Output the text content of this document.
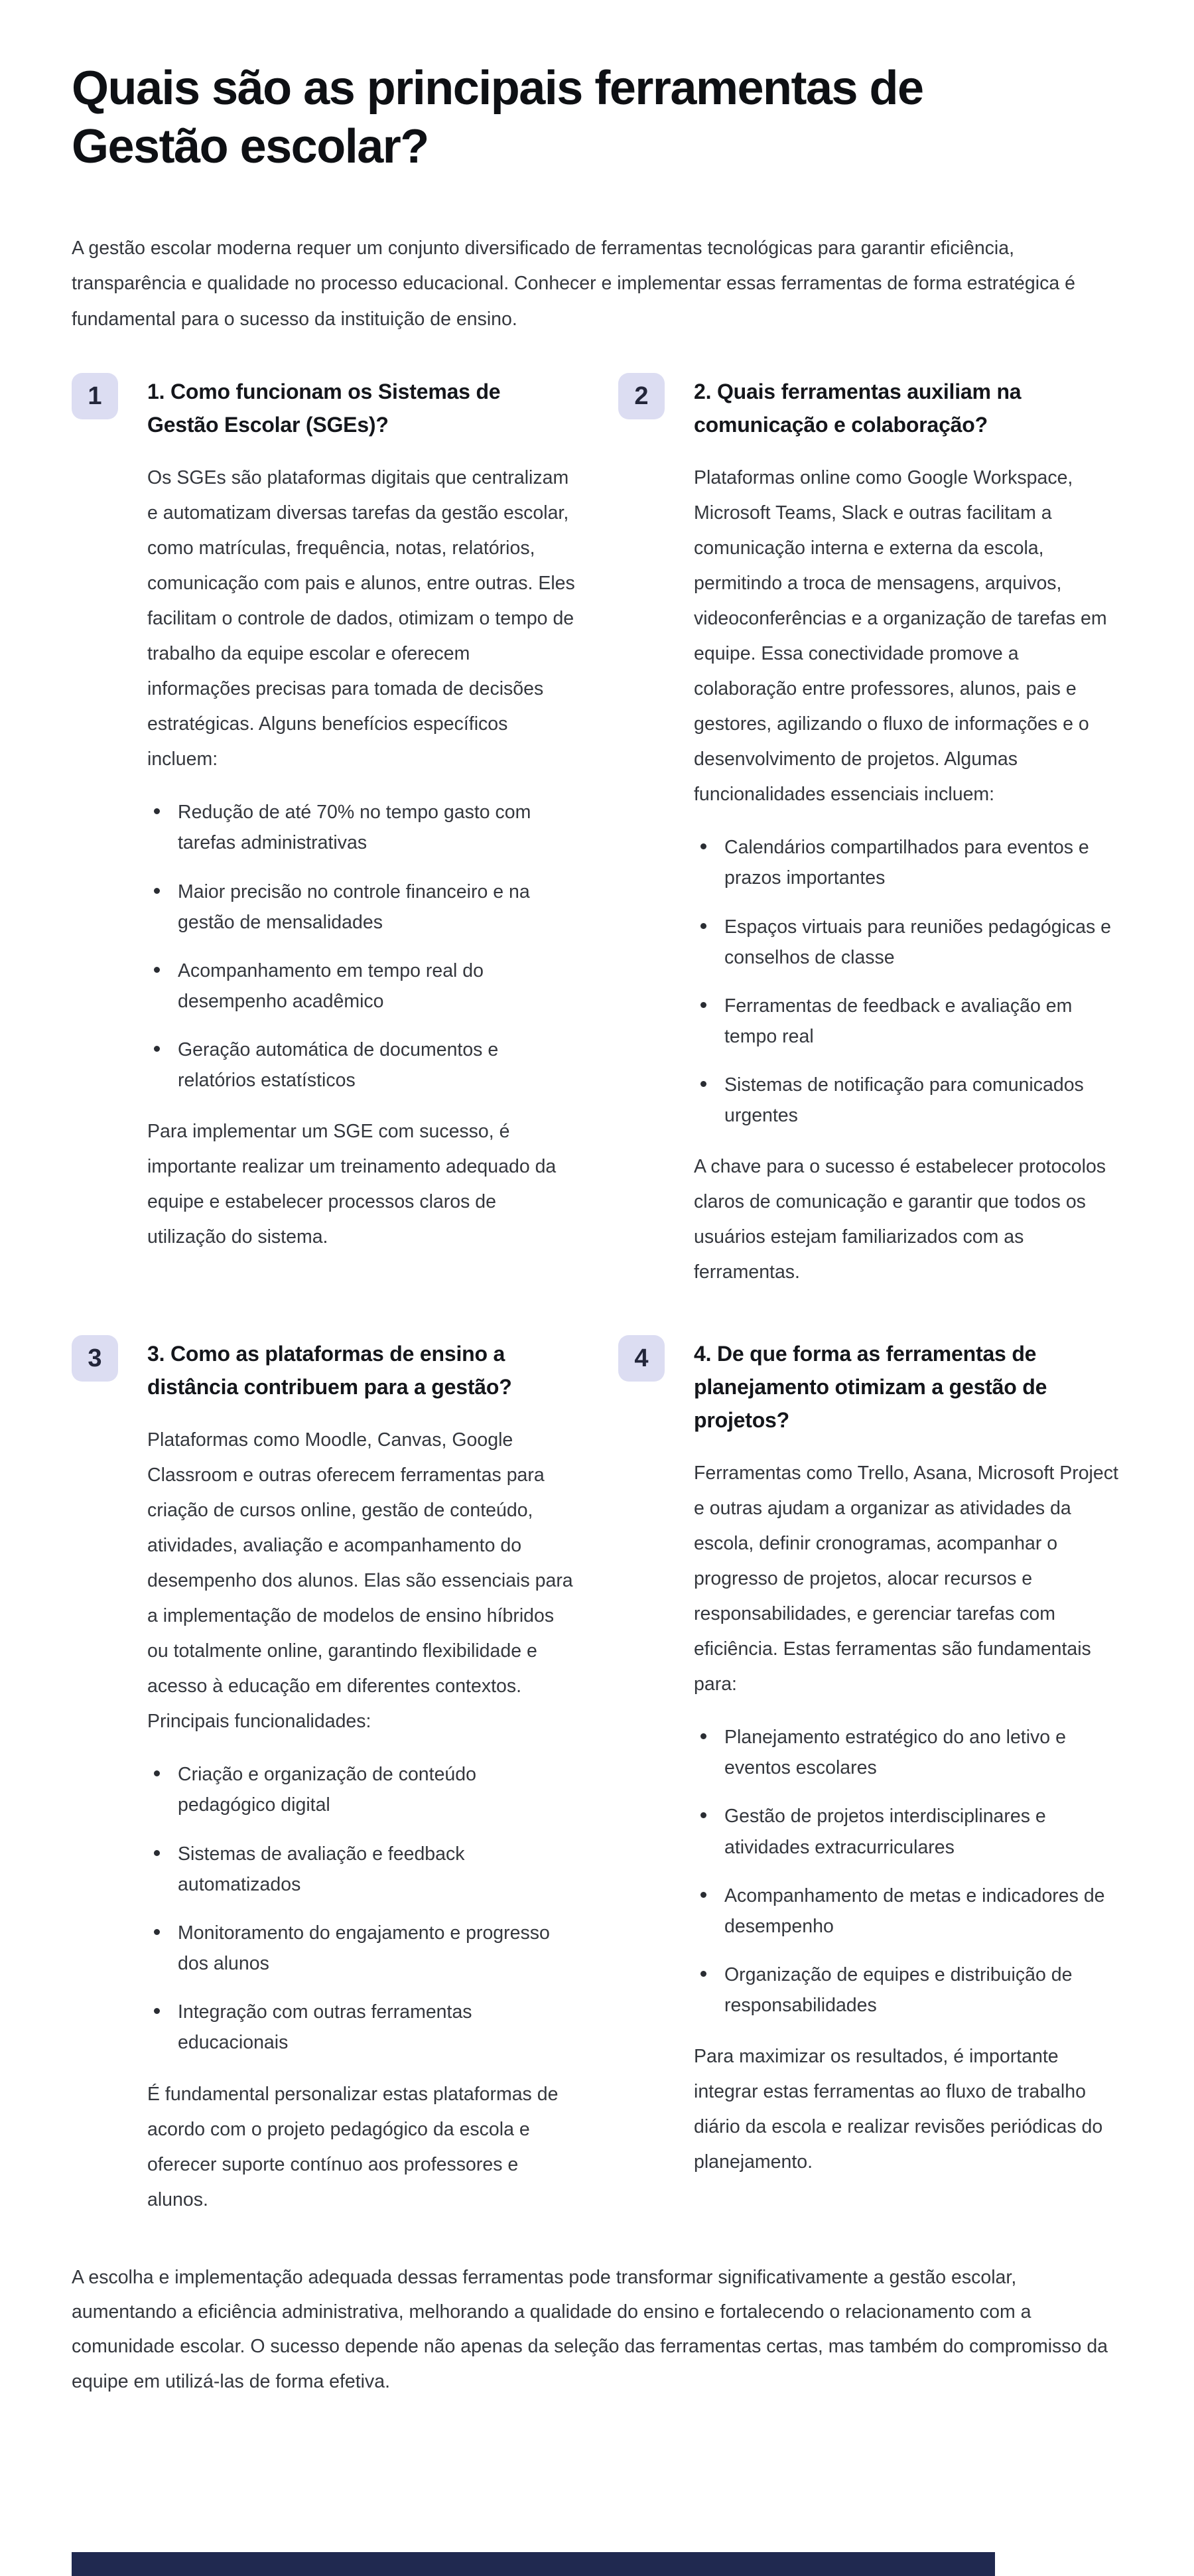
Quais são as principais ferramentas de Gestão escolar?

A gestão escolar moderna requer um conjunto diversificado de ferramentas tecnológicas para garantir eficiência, transparência e qualidade no processo educacional. Conhecer e implementar essas ferramentas de forma estratégica é fundamental para o sucesso da instituição de ensino.

1	1. Como funcionam os Sistemas de Gestão Escolar (SGEs)?

Os SGEs são plataformas digitais que centralizam e automatizam diversas tarefas da gestão escolar, como matrículas, frequência, notas, relatórios, comunicação com pais e alunos, entre outras. Eles facilitam o controle de dados, otimizam o tempo de trabalho da equipe escolar e oferecem informações precisas para tomada de decisões estratégicas. Alguns benefícios específicos incluem:

Redução de até 70% no tempo gasto com tarefas administrativas
Maior precisão no controle financeiro e na gestão de mensalidades
Acompanhamento em tempo real do desempenho acadêmico
Geração automática de documentos e relatórios estatísticos

Para implementar um SGE com sucesso, é importante realizar um treinamento adequado da equipe e estabelecer processos claros de utilização do sistema.

2	2. Quais ferramentas auxiliam na comunicação e colaboração?

Plataformas online como Google Workspace, Microsoft Teams, Slack e outras facilitam a comunicação interna e externa da escola, permitindo a troca de mensagens, arquivos, videoconferências e a organização de tarefas em equipe. Essa conectividade promove a colaboração entre professores, alunos, pais e gestores, agilizando o fluxo de informações e o desenvolvimento de projetos. Algumas funcionalidades essenciais incluem:

Calendários compartilhados para eventos e prazos importantes
Espaços virtuais para reuniões pedagógicas e conselhos de classe
Ferramentas de feedback e avaliação em tempo real
Sistemas de notificação para comunicados urgentes

A chave para o sucesso é estabelecer protocolos claros de comunicação e garantir que todos os usuários estejam familiarizados com as ferramentas.

3	3. Como as plataformas de ensino a distância contribuem para a gestão?

Plataformas como Moodle, Canvas, Google Classroom e outras oferecem ferramentas para criação de cursos online, gestão de conteúdo, atividades, avaliação e acompanhamento do desempenho dos alunos. Elas são essenciais para a implementação de modelos de ensino híbridos ou totalmente online, garantindo flexibilidade e acesso à educação em diferentes contextos. Principais funcionalidades:

Criação e organização de conteúdo pedagógico digital
Sistemas de avaliação e feedback automatizados
Monitoramento do engajamento e progresso dos alunos
Integração com outras ferramentas educacionais

É fundamental personalizar estas plataformas de acordo com o projeto pedagógico da escola e oferecer suporte contínuo aos professores e alunos.

4	4. De que forma as ferramentas de planejamento otimizam a gestão de projetos?

Ferramentas como Trello, Asana, Microsoft Project e outras ajudam a organizar as atividades da escola, definir cronogramas, acompanhar o progresso de projetos, alocar recursos e responsabilidades, e gerenciar tarefas com eficiência. Estas ferramentas são fundamentais para:

Planejamento estratégico do ano letivo e eventos escolares
Gestão de projetos interdisciplinares e atividades extracurriculares
Acompanhamento de metas e indicadores de desempenho
Organização de equipes e distribuição de responsabilidades

Para maximizar os resultados, é importante integrar estas ferramentas ao fluxo de trabalho diário da escola e realizar revisões periódicas do planejamento.

A escolha e implementação adequada dessas ferramentas pode transformar significativamente a gestão escolar, aumentando a eficiência administrativa, melhorando a qualidade do ensino e fortalecendo o relacionamento com a comunidade escolar. O sucesso depende não apenas da seleção das ferramentas certas, mas também do compromisso da equipe em utilizá-las de forma efetiva.
